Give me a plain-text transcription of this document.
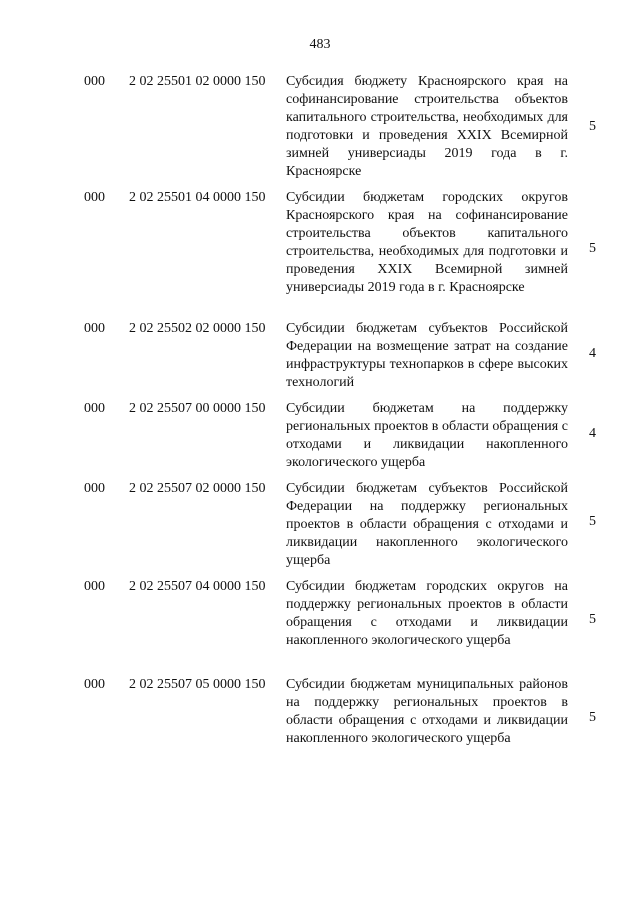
483
000 2 02 25501 02 0000 150 Субсидия бюджету Красноярского края на софинансирование строительства объектов капитального строительства, необходимых для подготовки и проведения XXIX Всемирной зимней универсиады 2019 года в г. Красноярске
5
000 2 02 25501 04 0000 150 Субсидии бюджетам городских округов Красноярского края на софинансирование строительства объектов капитального строительства, необходимых для подготовки и проведения XXIX Всемирной зимней универсиады 2019 года в г. Красноярске
5
000 2 02 25502 02 0000 150 Субсидии бюджетам субъектов Российской Федерации на возмещение затрат на создание инфраструктуры технопарков в сфере высоких технологий
4
000 2 02 25507 00 0000 150 Субсидии бюджетам на поддержку региональных проектов в области обращения с отходами и ликвидации накопленного экологического ущерба
4
000 2 02 25507 02 0000 150 Субсидии бюджетам субъектов Российской Федерации на поддержку региональных проектов в области обращения с отходами и ликвидации накопленного экологического ущерба
5
000 2 02 25507 04 0000 150 Субсидии бюджетам городских округов на поддержку региональных проектов в области обращения с отходами и ликвидации накопленного экологического ущерба
5
000 2 02 25507 05 0000 150 Субсидии бюджетам муниципальных районов на поддержку региональных проектов в области обращения с отходами и ликвидации накопленного экологического ущерба
5
